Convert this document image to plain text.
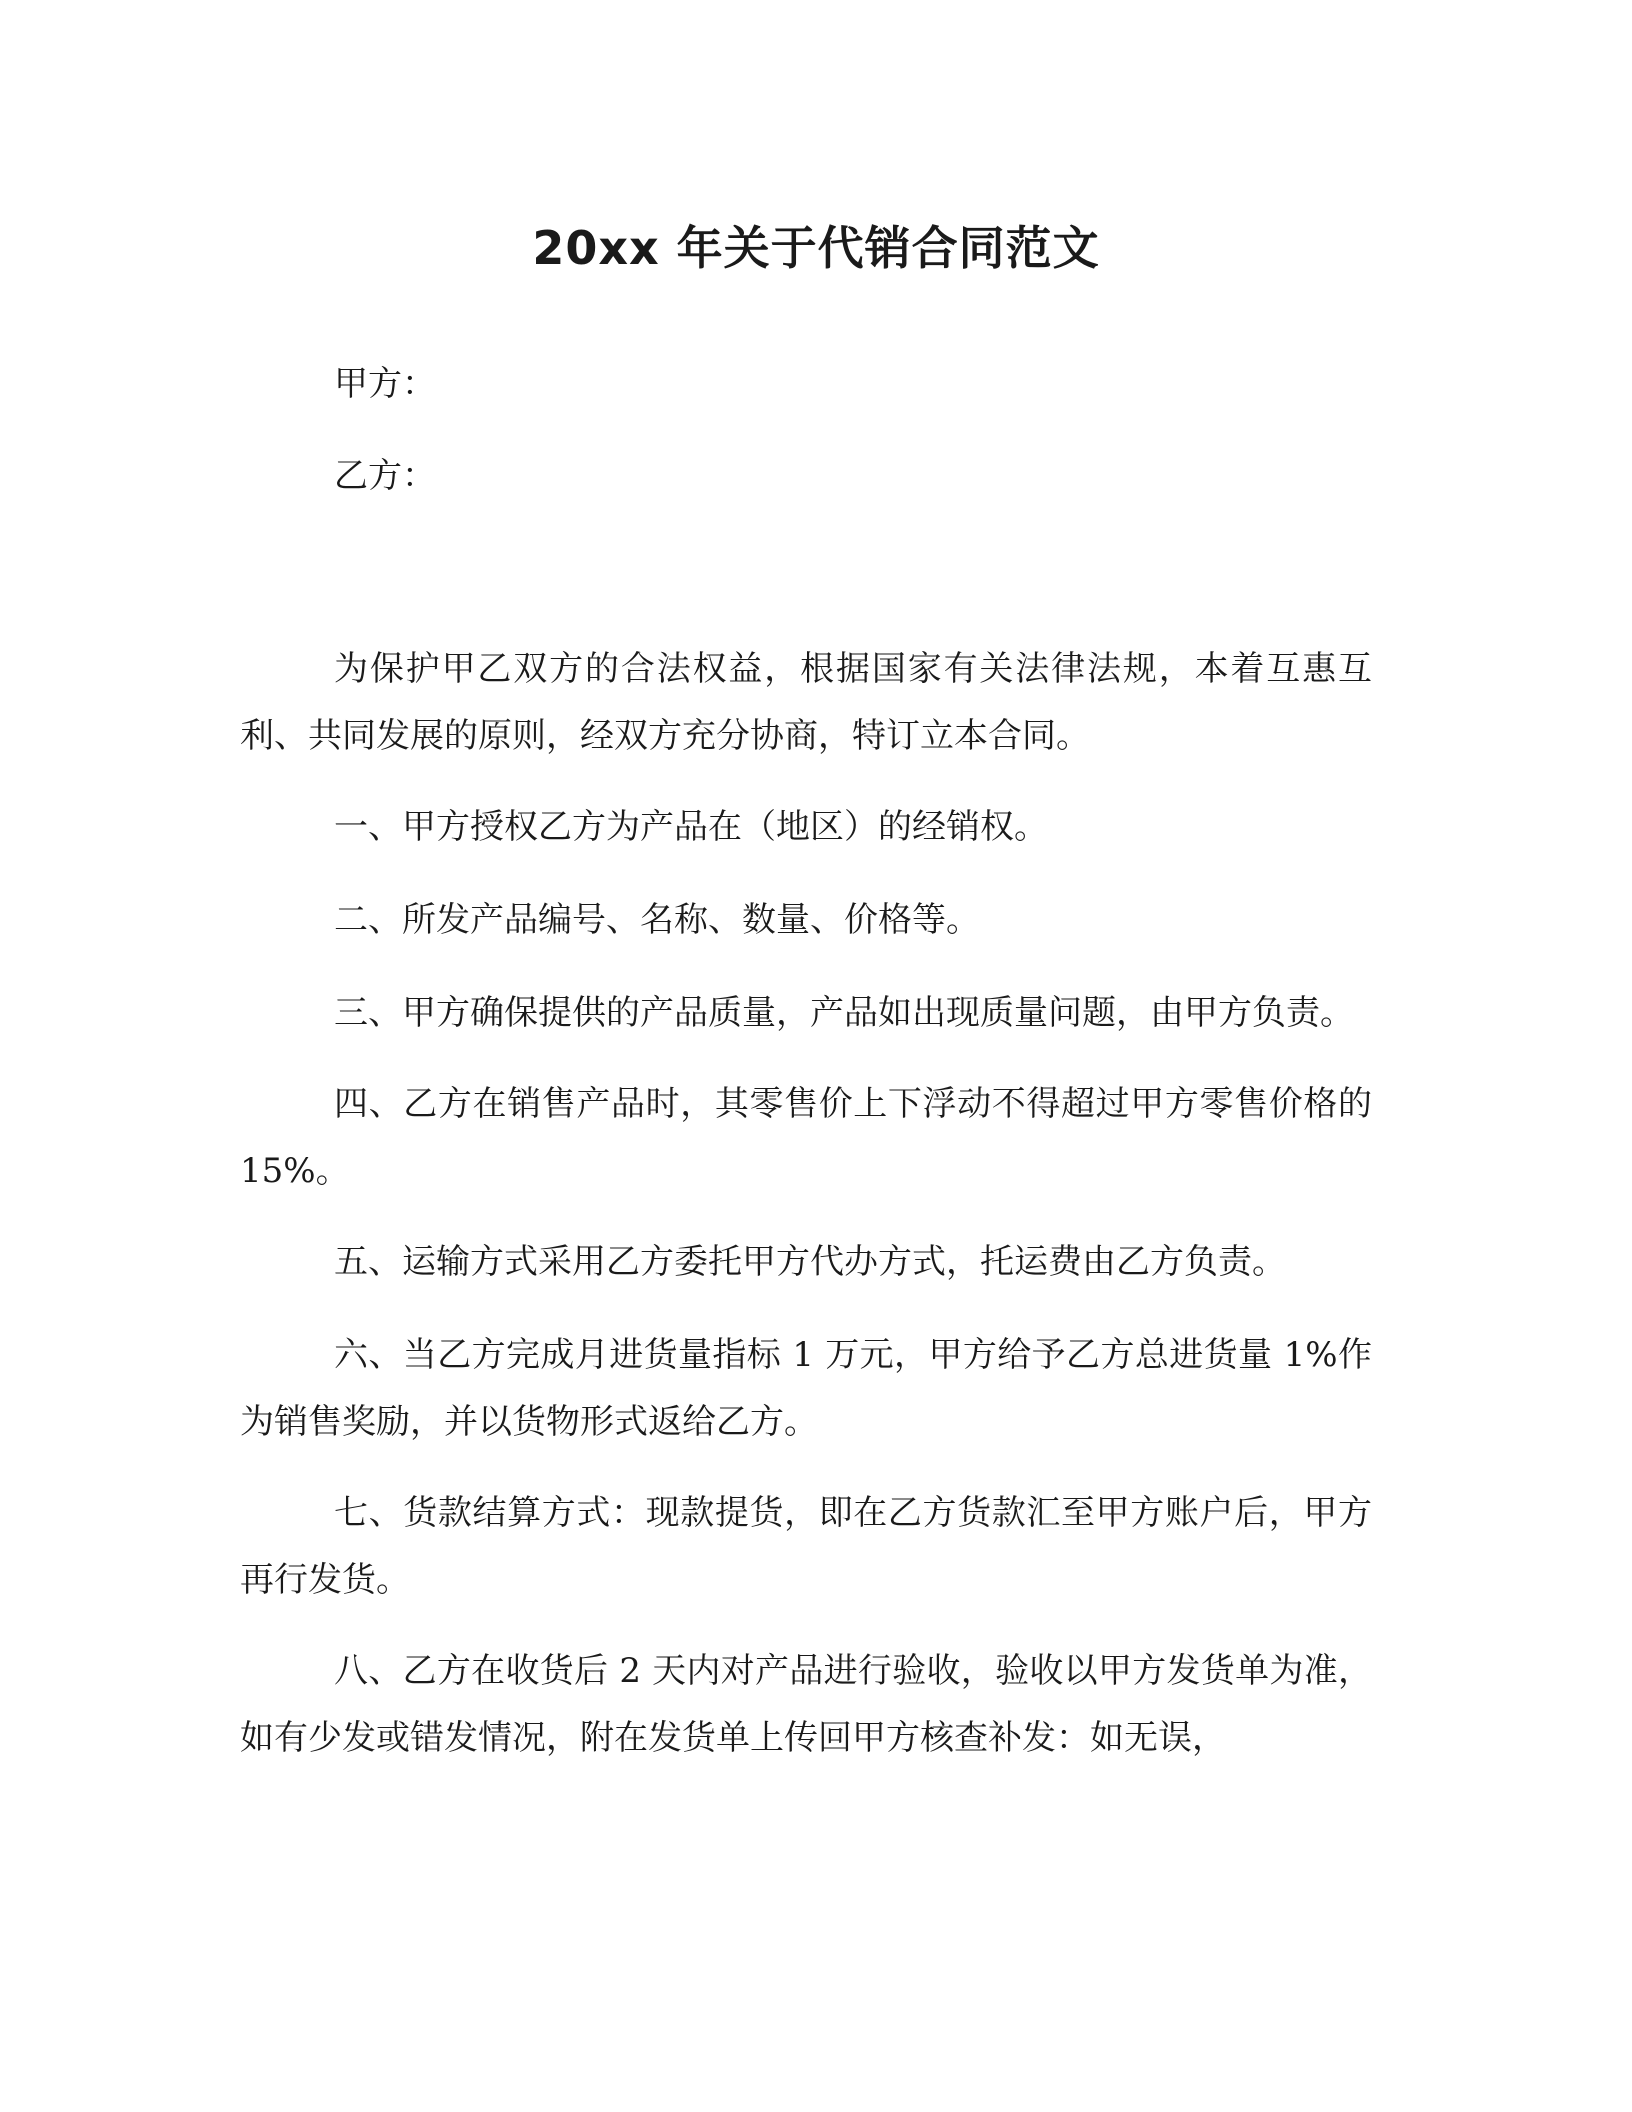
20xx 年关于代销合同范文
甲方：
乙方：

为保护甲乙双方的合法权益，根据国家有关法律法规，本着互惠互利、共同发展的原则，经双方充分协商，特订立本合同。

一、甲方授权乙方为产品在（地区）的经销权。

二、所发产品编号、名称、数量、价格等。

三、甲方确保提供的产品质量，产品如出现质量问题，由甲方负责。

四、乙方在销售产品时，其零售价上下浮动不得超过甲方零售价格的 15%。

五、运输方式采用乙方委托甲方代办方式，托运费由乙方负责。

六、当乙方完成月进货量指标 1 万元，甲方给予乙方总进货量 1%作为销售奖励，并以货物形式返给乙方。

七、货款结算方式：现款提货，即在乙方货款汇至甲方账户后，甲方再行发货。

八、乙方在收货后 2 天内对产品进行验收，验收以甲方发货单为准，如有少发或错发情况，附在发货单上传回甲方核查补发：如无误，
